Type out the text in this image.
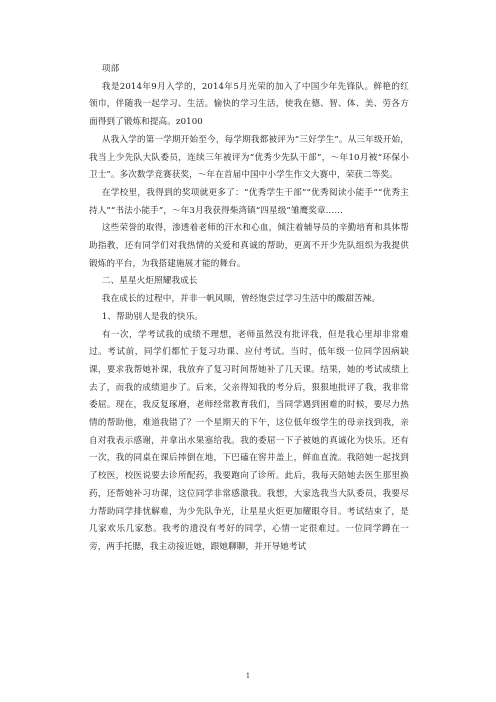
项部

我是2014年9月入学的，2014年5月光荣的加入了中国少年先锋队。鲜艳的红领巾，伴随我一起学习、生活。愉快的学习生活，使我在德、智、体、美、劳各方面得到了锻炼和提高。z0100

从我入学的第一学期开始至今，每学期我都被评为“三好学生”。从三年级开始，我当上少先队大队委员，连续三年被评为“优秀少先队干部”，～年10月被“环保小卫士”。多次数学竞赛获奖，～年在首届中国中小学生作文大赛中，荣获二等奖。

在学校里，我得到的奖项就更多了：“优秀学生干部”“优秀阅读小能手”“优秀主持人”“书法小能手”，～年3月我获得柴湾镇“四星级”雏鹰奖章……

这些荣誉的取得，渗透着老师的汗水和心血，倾注着辅导员的辛勤培育和具体帮助指教，还有同学们对我热情的关爱和真诚的帮助，更离不开少先队组织为我提供锻炼的平台，为我搭建施展才能的舞台。

二、星星火炬照耀我成长

我在成长的过程中，并非一帆风顺，曾经饱尝过学习生活中的酸甜苦辣。

1、帮助别人是我的快乐。

有一次，学考试我的成绩不理想，老师虽然没有批评我，但是我心里却非常难过。考试前，同学们都忙于复习功课、应付考试。当时，低年级一位同学因病缺课，要求我帮她补课，我放弃了复习时间帮她补了几天课。结果，她的考试成绩上去了，而我的成绩退步了。后来，父亲得知我的考分后，狠狠地批评了我，我非常委屈。现在，我反复琢磨，老师经常教育我们，当同学遇到困难的时候，要尽力热情的帮助他，难道我错了？一个星期天的下午，这位低年级学生的母亲找到我，亲自对我表示感谢，并拿出水果塞给我。我的委屈一下子被她的真诚化为快乐。还有一次，我的同桌在课后摔倒在地，下巴磕在窖井盖上，鲜血直流。我陪她一起找到了校医，校医说要去诊所配药，我要跑向了诊所。此后，我每天陪她去医生那里换药，还帮她补习功课，这位同学非常感激我。我想，大家选我当大队委员，我要尽力帮助同学排忧解难，为少先队争光，让星星火炬更加耀眼夺目。考试结束了，是几家欢乐几家愁。我考的遗没有考好的同学，心情一定很难过。一位同学蹲在一旁，两手托腮，我主动接近她，跟她聊聊，并开导她考试

1
